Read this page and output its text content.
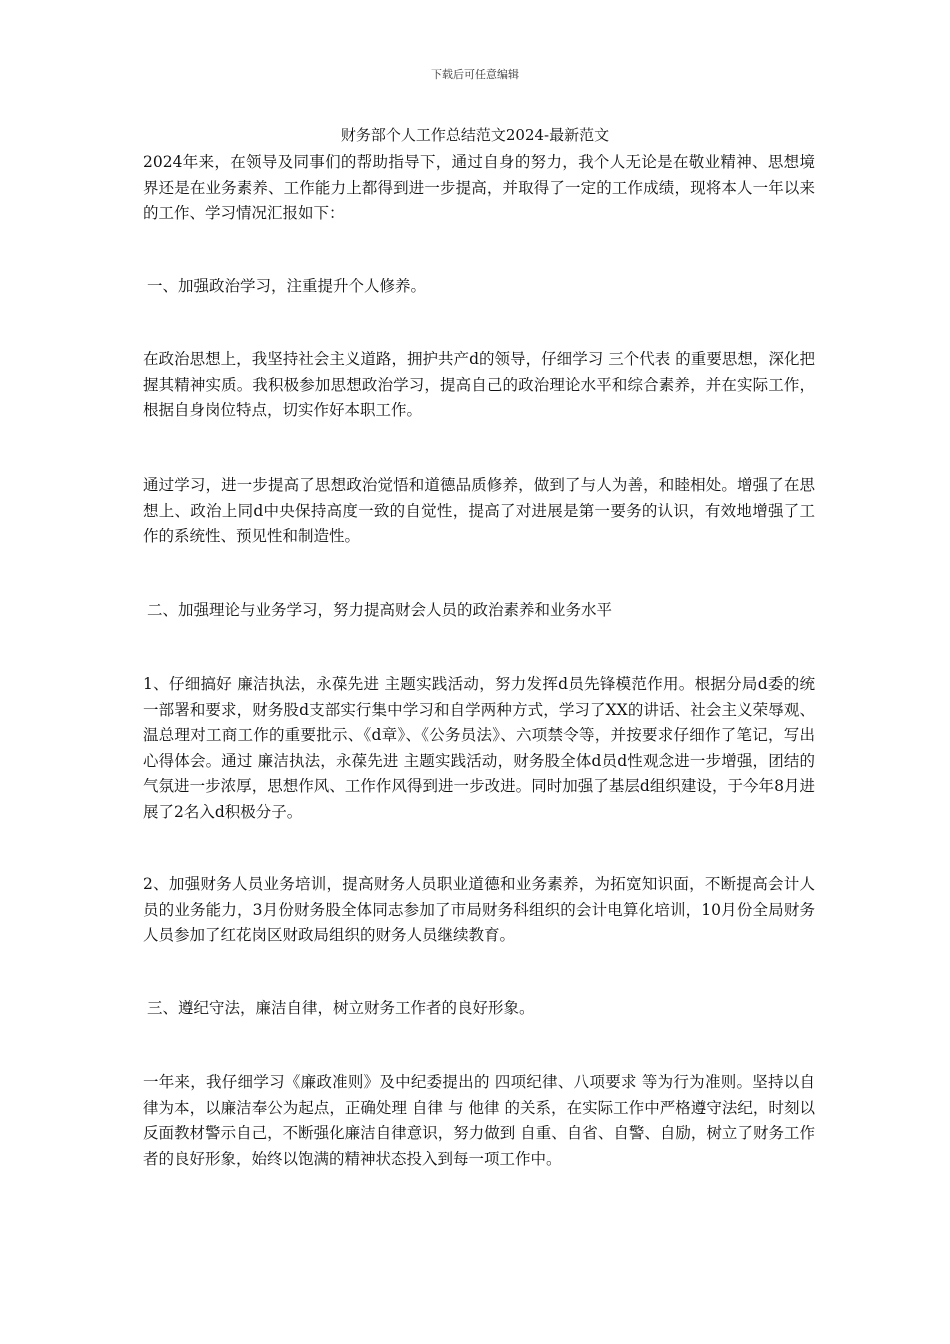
下载后可任意编辑
财务部个人工作总结范文2024-最新范文

2024年来，在领导及同事们的帮助指导下，通过自身的努力，我个人无论是在敬业精神、思想境界还是在业务素养、工作能力上都得到进一步提高，并取得了一定的工作成绩，现将本人一年以来的工作、学习情况汇报如下：

一、加强政治学习，注重提升个人修养。

在政治思想上，我坚持社会主义道路，拥护共产d的领导，仔细学习 三个代表 的重要思想，深化把握其精神实质。我积极参加思想政治学习，提高自己的政治理论水平和综合素养，并在实际工作，根据自身岗位特点，切实作好本职工作。

通过学习，进一步提高了思想政治觉悟和道德品质修养，做到了与人为善，和睦相处。增强了在思想上、政治上同d中央保持高度一致的自觉性，提高了对进展是第一要务的认识，有效地增强了工作的系统性、预见性和制造性。

二、加强理论与业务学习，努力提高财会人员的政治素养和业务水平

1、仔细搞好 廉洁执法，永葆先进 主题实践活动，努力发挥d员先锋模范作用。根据分局d委的统一部署和要求，财务股d支部实行集中学习和自学两种方式，学习了XX的讲话、社会主义荣辱观、温总理对工商工作的重要批示、《d章》、《公务员法》、六项禁令等，并按要求仔细作了笔记，写出心得体会。通过 廉洁执法，永葆先进 主题实践活动，财务股全体d员d性观念进一步增强，团结的气氛进一步浓厚，思想作风、工作作风得到进一步改进。同时加强了基层d组织建设，于今年8月进展了2名入d积极分子。

2、加强财务人员业务培训，提高财务人员职业道德和业务素养，为拓宽知识面，不断提高会计人员的业务能力，3月份财务股全体同志参加了市局财务科组织的会计电算化培训，10月份全局财务人员参加了红花岗区财政局组织的财务人员继续教育。

三、遵纪守法，廉洁自律，树立财务工作者的良好形象。

一年来，我仔细学习《廉政准则》及中纪委提出的 四项纪律、八项要求 等为行为准则。坚持以自律为本，以廉洁奉公为起点，正确处理 自律 与 他律 的关系，在实际工作中严格遵守法纪，时刻以反面教材警示自己，不断强化廉洁自律意识，努力做到 自重、自省、自警、自励，树立了财务工作者的良好形象，始终以饱满的精神状态投入到每一项工作中。
